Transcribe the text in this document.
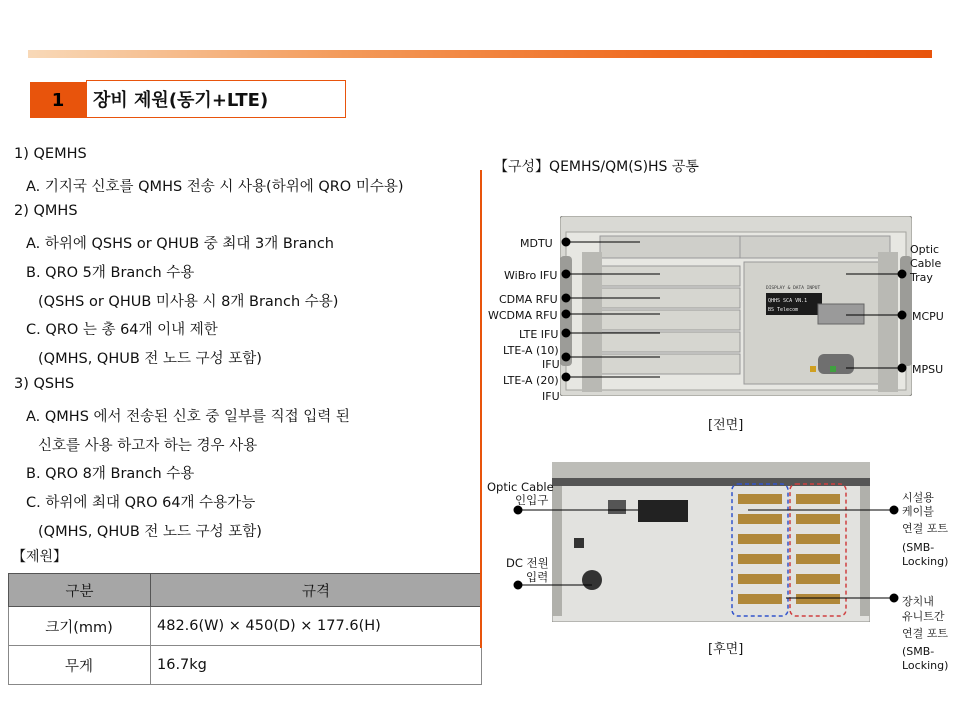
1	장비 제원(동기+LTE)
1) QEMHS
A. 기지국 신호를 QMHS 전송 시 사용(하위에 QRO 미수용)
2) QMHS
A. 하위에 QSHS or QHUB 중 최대 3개 Branch
B. QRO 5개 Branch 수용
(QSHS or QHUB 미사용 시 8개 Branch 수용)
C. QRO 는 총 64개 이내 제한
(QMHS, QHUB 전 노드 구성 포함)
3) QSHS
A. QMHS 에서 전송된 신호 중 일부를 직접 입력 된
신호를 사용 하고자 하는 경우 사용
B. QRO 8개 Branch 수용
C. 하위에 최대 QRO 64개 수용가능
(QMHS, QHUB 전 노드 구성 포함)
【제원】
구분	규격
크기(mm)	482.6(W) × 450(D) × 177.6(H)
무게	16.7kg
【구성】QEMHS/QM(S)HS 공통
DISPLAY & DATA INPUT
QHHS SCA VN.1
BS Telecom
MDTU
WiBro IFU
CDMA RFU
WCDMA RFU
LTE IFU
LTE-A (10)
IFU
LTE-A (20)
IFU
Optic
Cable
Tray
MCPU
MPSU
[전면]
Optic Cable
인입구
DC 전원
입력
시설용
케이블
연결 포트
(SMB-
Locking)
장치내
유니트간
연결 포트
(SMB-
Locking)
[후면]
